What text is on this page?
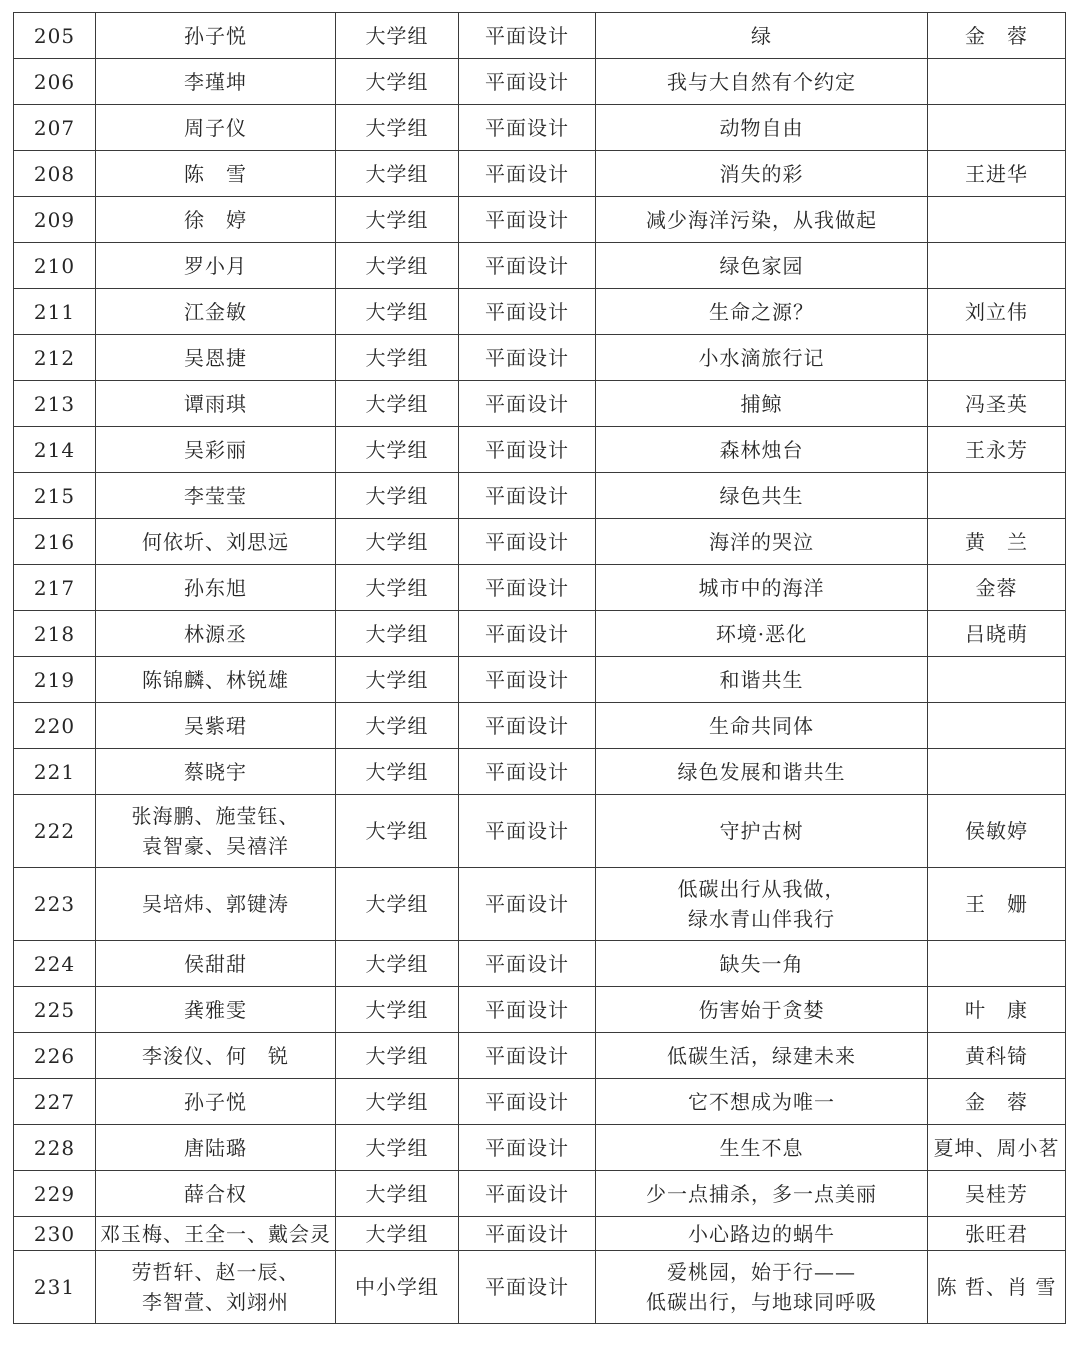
205	孙子悦	大学组	平面设计	绿	金　蓉

206	李瑾坤	大学组	平面设计	我与大自然有个约定	

207	周子仪	大学组	平面设计	动物自由	

208	陈　雪	大学组	平面设计	消失的彩	王进华

209	徐　婷	大学组	平面设计	减少海洋污染，从我做起	

210	罗小月	大学组	平面设计	绿色家园	

211	江金敏	大学组	平面设计	生命之源？	刘立伟

212	吴恩捷	大学组	平面设计	小水滴旅行记	

213	谭雨琪	大学组	平面设计	捕鲸	冯圣英

214	吴彩丽	大学组	平面设计	森林烛台	王永芳

215	李莹莹	大学组	平面设计	绿色共生	

216	何依圻、刘思远	大学组	平面设计	海洋的哭泣	黄　兰

217	孙东旭	大学组	平面设计	城市中的海洋	金蓉

218	林源丞	大学组	平面设计	环境·恶化	吕晓萌

219	陈锦麟、林锐雄	大学组	平面设计	和谐共生	

220	吴紫珺	大学组	平面设计	生命共同体	

221	蔡晓宇	大学组	平面设计	绿色发展和谐共生	

222	张海鹏、施莹钰、
袁智豪、吴禧洋	大学组	平面设计	守护古树	侯敏婷

223	吴培炜、郭键涛	大学组	平面设计	低碳出行从我做，
绿水青山伴我行	王　姗

224	侯甜甜	大学组	平面设计	缺失一角	

225	龚雅雯	大学组	平面设计	伤害始于贪婪	叶　康

226	李浚仪、何　锐	大学组	平面设计	低碳生活，绿建未来	黄科锜

227	孙子悦	大学组	平面设计	它不想成为唯一	金　蓉

228	唐陆璐	大学组	平面设计	生生不息	夏坤、周小茗

229	薛合权	大学组	平面设计	少一点捕杀，多一点美丽	吴桂芳

230	邓玉梅、王全一、戴会灵	大学组	平面设计	小心路边的蜗牛	张旺君

231	劳哲轩、赵一辰、
李智萱、刘翊州	中小学组	平面设计	爱桃园，始于行——
低碳出行，与地球同呼吸	陈 哲、肖 雪
